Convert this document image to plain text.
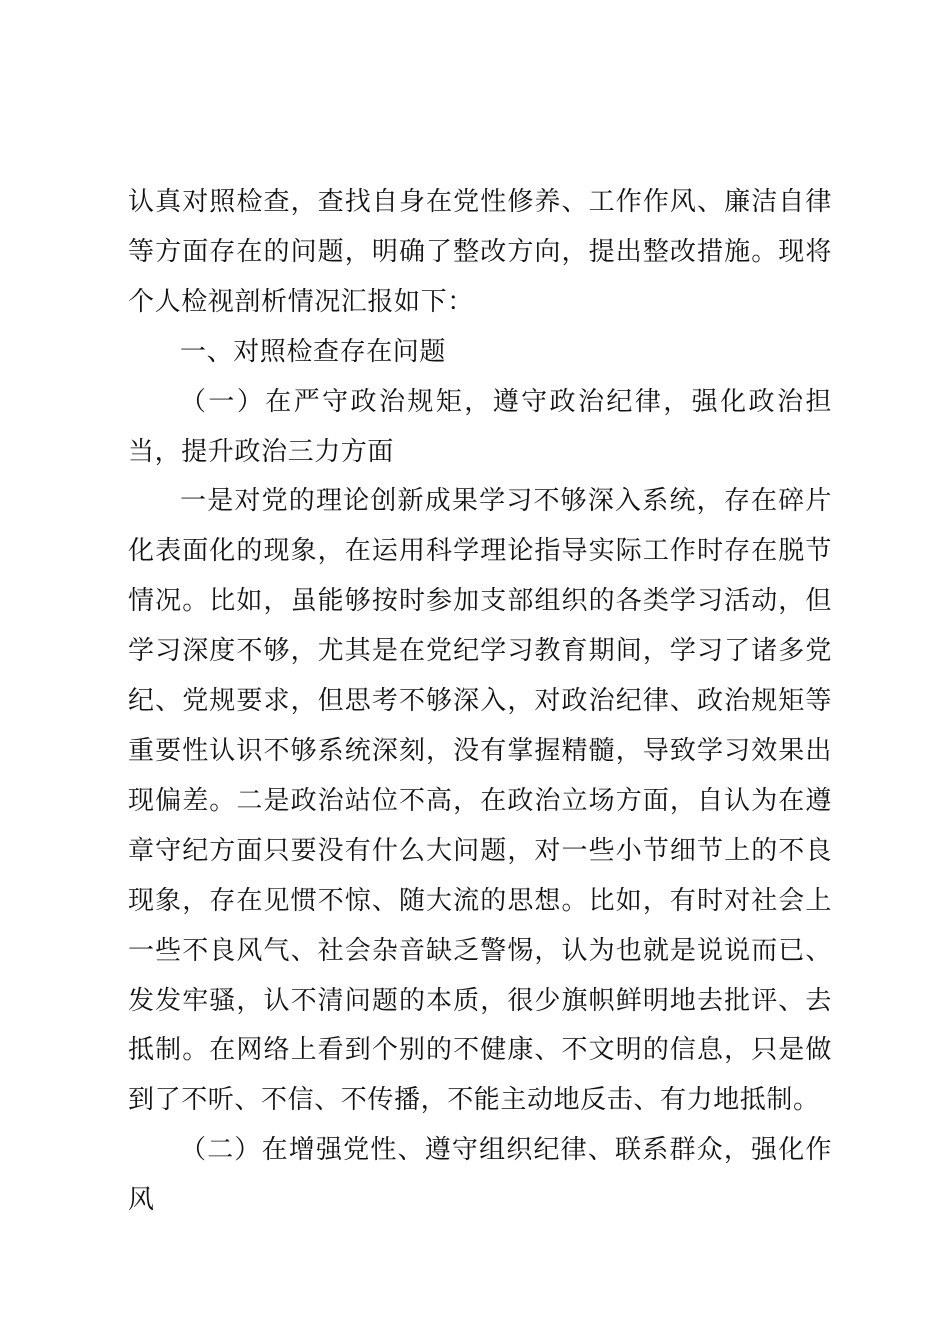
认真对照检查，查找自身在党性修养、工作作风、廉洁自律等方面存在的问题，明确了整改方向，提出整改措施。现将个人检视剖析情况汇报如下：

一、对照检查存在问题

（一）在严守政治规矩，遵守政治纪律，强化政治担当，提升政治三力方面

一是对党的理论创新成果学习不够深入系统，存在碎片化表面化的现象，在运用科学理论指导实际工作时存在脱节情况。比如，虽能够按时参加支部组织的各类学习活动，但学习深度不够，尤其是在党纪学习教育期间，学习了诸多党纪、党规要求，但思考不够深入，对政治纪律、政治规矩等重要性认识不够系统深刻，没有掌握精髓，导致学习效果出现偏差。二是政治站位不高，在政治立场方面，自认为在遵章守纪方面只要没有什么大问题，对一些小节细节上的不良现象，存在见惯不惊、随大流的思想。比如，有时对社会上一些不良风气、社会杂音缺乏警惕，认为也就是说说而已、发发牢骚，认不清问题的本质，很少旗帜鲜明地去批评、去抵制。在网络上看到个别的不健康、不文明的信息，只是做到了不听、不信、不传播，不能主动地反击、有力地抵制。

（二）在增强党性、遵守组织纪律、联系群众，强化作风
